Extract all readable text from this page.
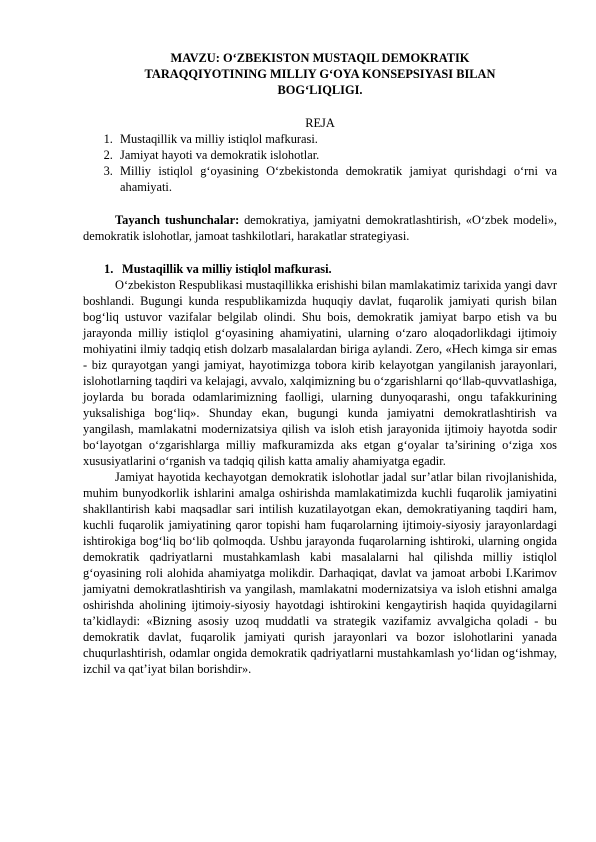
MAVZU: O‘ZBEKISTON MUSTAQIL DEMOKRATIK TARAQQIYOTINING MILLIY G‘OYA KONSEPSIYASI BILAN BOG‘LIQLIGI.
REJA
1. Mustaqillik va milliy istiqlol mafkurasi.
2. Jamiyat hayoti va demokratik islohotlar.
3. Milliy istiqlol g‘oyasining O‘zbekistonda demokratik jamiyat qurishdagi o‘rni va ahamiyati.

Tayanch tushunchalar: demokratiya, jamiyatni demokratlashtirish, «O‘zbek modeli», demokratik islohotlar, jamoat tashkilotlari, harakatlar strategiyasi.

1. Mustaqillik va milliy istiqlol mafkurasi.

O‘zbekiston Respublikasi mustaqillikka erishishi bilan mamlakatimiz tarixida yangi davr boshlandi. Bugungi kunda respublikamizda huquqiy davlat, fuqarolik jamiyati qurish bilan bog‘liq ustuvor vazifalar belgilab olindi. Shu bois, demokratik jamiyat barpo etish va bu jarayonda milliy istiqlol g‘oyasining ahamiyatini, ularning o‘zaro aloqadorlikdagi ijtimoiy mohiyatini ilmiy tadqiq etish dolzarb masalalardan biriga aylandi. Zero, «Hech kimga sir emas - biz qurayotgan yangi jamiyat, hayotimizga tobora kirib kelayotgan yangilanish jarayonlari, islohotlarning taqdiri va kelajagi, avvalo, xalqimizning bu o‘zgarishlarni qo‘llab-quvvatlashiga, joylarda bu borada odamlarimizning faolligi, ularning dunyoqarashi, ongu tafakkurining yuksalishiga bog‘liq». Shunday ekan, bugungi kunda jamiyatni demokratlashtirish va yangilash, mamlakatni modernizatsiya qilish va isloh etish jarayonida ijtimoiy hayotda sodir bo‘layotgan o‘zgarishlarga milliy mafkuramizda aks etgan g‘oyalar ta’sirining o‘ziga xos xususiyatlarini o‘rganish va tadqiq qilish katta amaliy ahamiyatga egadir.

Jamiyat hayotida kechayotgan demokratik islohotlar jadal sur’atlar bilan rivojlanishida, muhim bunyodkorlik ishlarini amalga oshirishda mamlakatimizda kuchli fuqarolik jamiyatini shakllantirish kabi maqsadlar sari intilish kuzatilayotgan ekan, demokratiyaning taqdiri ham, kuchli fuqarolik jamiyatining qaror topishi ham fuqarolarning ijtimoiy-siyosiy jarayonlardagi ishtirokiga bog‘liq bo‘lib qolmoqda. Ushbu jarayonda fuqarolarning ishtiroki, ularning ongida demokratik qadriyatlarni mustahkamlash kabi masalalarni hal qilishda milliy istiqlol g‘oyasining roli alohida ahamiyatga molikdir. Darhaqiqat, davlat va jamoat arbobi I.Karimov jamiyatni demokratlashtirish va yangilash, mamlakatni modernizatsiya va isloh etishni amalga oshirishda aholining ijtimoiy-siyosiy hayotdagi ishtirokini kengaytirish haqida quyidagilarni ta’kidlaydi: «Bizning asosiy uzoq muddatli va strategik vazifamiz avvalgicha qoladi - bu demokratik davlat, fuqarolik jamiyati qurish jarayonlari va bozor islohotlarini yanada chuqurlashtirish, odamlar ongida demokratik qadriyatlarni mustahkamlash yo‘lidan og‘ishmay, izchil va qat’iyat bilan borishdir».
